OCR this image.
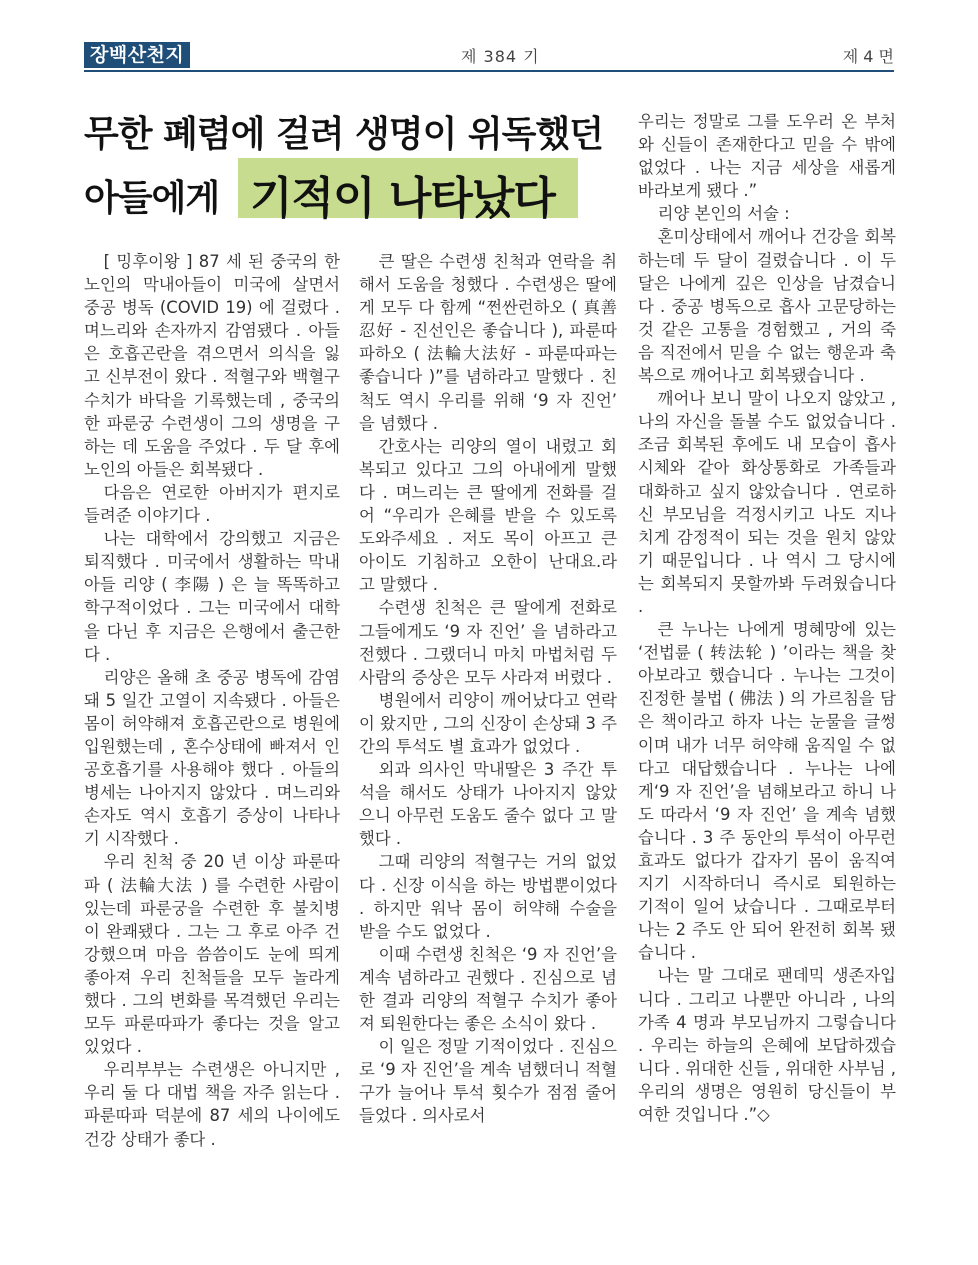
장백산천지	제 384 기	제 4 면
무한 폐렴에 걸려 생명이 위독했던
아들에게 기적이 나타났다

[ 밍후이왕 ] 87 세 된 중국의 한 노인의 막내아들이 미국에 살면서 중공 병독 (COVID 19) 에 걸렸다 . 며느리와 손자까지 감염됐다 . 아들은 호흡곤란을 겪으면서 의식을 잃고 신부전이 왔다 . 적혈구와 백혈구 수치가 바닥을 기록했는데 , 중국의 한 파룬궁 수련생이 그의 생명을 구하는 데 도움을 주었다 . 두 달 후에 노인의 아들은 회복됐다 .

다음은 연로한 아버지가 편지로 들려준 이야기다 .

나는 대학에서 강의했고 지금은 퇴직했다 . 미국에서 생활하는 막내아들 리양 ( 李陽 ) 은 늘 똑똑하고 학구적이었다 . 그는 미국에서 대학을 다닌 후 지금은 은행에서 출근한다 .

리양은 올해 초 중공 병독에 감염돼 5 일간 고열이 지속됐다 . 아들은 몸이 허약해져 호흡곤란으로 병원에 입원했는데 , 혼수상태에 빠져서 인공호흡기를 사용해야 했다 . 아들의 병세는 나아지지 않았다 . 며느리와 손자도 역시 호흡기 증상이 나타나기 시작했다 .

우리 친척 중 20 년 이상 파룬따파 ( 法輪大法 ) 를 수련한 사람이 있는데 파룬궁을 수련한 후 불치병이 완쾌됐다 . 그는 그 후로 아주 건강했으며 마음 씀씀이도 눈에 띄게 좋아져 우리 친척들을 모두 놀라게 했다 . 그의 변화를 목격했던 우리는 모두 파룬따파가 좋다는 것을 알고 있었다 .

우리부부는 수련생은 아니지만 , 우리 둘 다 대법 책을 자주 읽는다 . 파룬따파 덕분에 87 세의 나이에도 건강 상태가 좋다 .

큰 딸은 수련생 친척과 연락을 취해서 도움을 청했다 . 수련생은 딸에게 모두 다 함께 “쩐싼런하오 ( 真善忍好 - 진선인은 좋습니다 ), 파룬따파하오 ( 法輪大法好 - 파룬따파는 좋습니다 )”를 념하라고 말했다 . 친척도 역시 우리를 위해 ‘9 자 진언’ 을 념했다 .

간호사는 리양의 열이 내렸고 회복되고 있다고 그의 아내에게 말했다 . 며느리는 큰 딸에게 전화를 걸어 “우리가 은혜를 받을 수 있도록 도와주세요 . 저도 목이 아프고 큰 아이도 기침하고 오한이 난대요.라고 말했다 .

수련생 친척은 큰 딸에게 전화로 그들에게도 ‘9 자 진언’ 을 념하라고 전했다 . 그랬더니 마치 마법처럼 두 사람의 증상은 모두 사라져 버렸다 .

병원에서 리양이 깨어났다고 연락이 왔지만 , 그의 신장이 손상돼 3 주간의 투석도 별 효과가 없었다 .

외과 의사인 막내딸은 3 주간 투석을 해서도 상태가 나아지지 않았으니 아무런 도움도 줄수 없다 고 말했다 .

그때 리양의 적혈구는 거의 없었다 . 신장 이식을 하는 방법뿐이었다 . 하지만 워낙 몸이 허약해 수술을 받을 수도 없었다 .

이때 수련생 친척은 ‘9 자 진언’을 계속 념하라고 권했다 . 진심으로 념한 결과 리양의 적혈구 수치가 좋아져 퇴원한다는 좋은 소식이 왔다 .

이 일은 정말 기적이었다 . 진심으로 ‘9 자 진언’을 계속 념했더니 적혈구가 늘어나 투석 횟수가 점점 줄어 들었다 . 의사로서

우리는 정말로 그를 도우러 온 부처와 신들이 존재한다고 믿을 수 밖에 없었다 . 나는 지금 세상을 새롭게 바라보게 됐다 .”

리양 본인의 서술 :

혼미상태에서 깨어나 건강을 회복하는데 두 달이 걸렸습니다 . 이 두 달은 나에게 깊은 인상을 남겼습니다 . 중공 병독으로 흡사 고문당하는 것 같은 고통을 경험했고 , 거의 죽음 직전에서 믿을 수 없는 행운과 축복으로 깨어나고 회복됐습니다 .

깨어나 보니 말이 나오지 않았고 , 나의 자신을 돌볼 수도 없었습니다 . 조금 회복된 후에도 내 모습이 흡사 시체와 같아 화상통화로 가족들과 대화하고 싶지 않았습니다 . 연로하신 부모님을 걱정시키고 나도 지나치게 감정적이 되는 것을 원치 않았기 때문입니다 . 나 역시 그 당시에는 회복되지 못할까봐 두려웠습니다 .

큰 누나는 나에게 명혜망에 있는 ‘전법륜 ( 转法轮 ) ’이라는 책을 찾아보라고 했습니다 . 누나는 그것이 진정한 불법 ( 佛法 ) 의 가르침을 담은 책이라고 하자 나는 눈물을 글썽이며 내가 너무 허약해 움직일 수 없다고 대답했습니다 . 누나는 나에게‘9 자 진언’을 념해보라고 하니 나도 따라서 ‘9 자 진언’ 을 계속 념했습니다 . 3 주 동안의 투석이 아무런 효과도 없다가 갑자기 몸이 움직여지기 시작하더니 즉시로 퇴원하는 기적이 일어 났습니다 . 그때로부터 나는 2 주도 안 되어 완전히 회복 됐습니다 .

나는 말 그대로 팬데믹 생존자입니다 . 그리고 나뿐만 아니라 , 나의 가족 4 명과 부모님까지 그렇습니다 . 우리는 하늘의 은혜에 보답하겠습니다 . 위대한 신들 , 위대한 사부님 , 우리의 생명은 영원히 당신들이 부여한 것입니다 .”◇
